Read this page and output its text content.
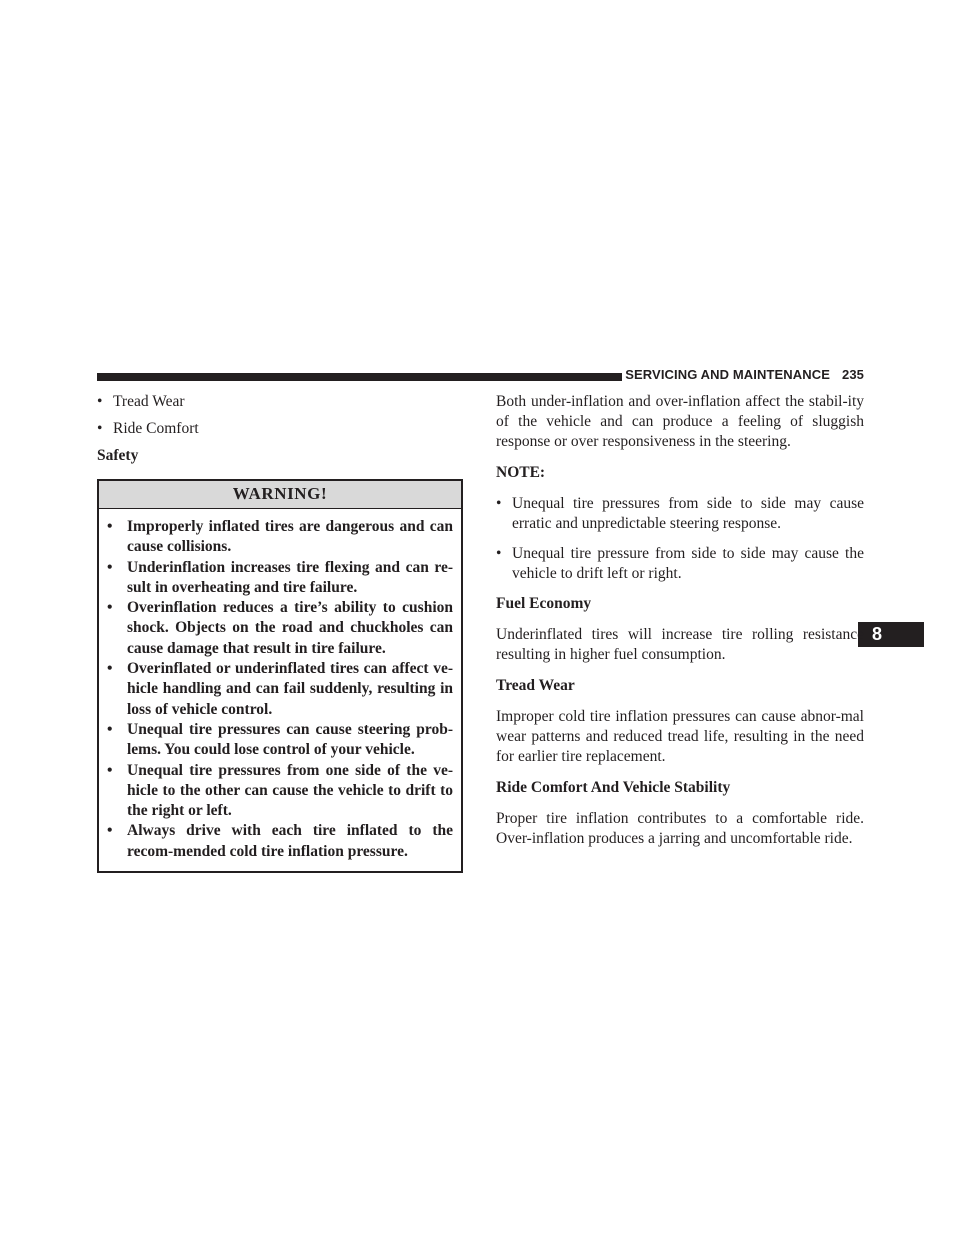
SERVICING AND MAINTENANCE 235
8
• Tread Wear
• Ride Comfort
Safety
WARNING!
• Improperly inflated tires are dangerous and can cause collisions.
• Underinflation increases tire flexing and can re-sult in overheating and tire failure.
• Overinflation reduces a tire’s ability to cushion shock. Objects on the road and chuckholes can cause damage that result in tire failure.
• Overinflated or underinflated tires can affect ve-hicle handling and can fail suddenly, resulting in loss of vehicle control.
• Unequal tire pressures can cause steering prob-lems. You could lose control of your vehicle.
• Unequal tire pressures from one side of the ve-hicle to the other can cause the vehicle to drift to the right or left.
• Always drive with each tire inflated to the recom-mended cold tire inflation pressure.

Both under-inflation and over-inflation affect the stabil-ity of the vehicle and can produce a feeling of sluggish response or over responsiveness in the steering.

NOTE:
• Unequal tire pressures from side to side may cause erratic and unpredictable steering response.
• Unequal tire pressure from side to side may cause the vehicle to drift left or right.
Fuel Economy

Underinflated tires will increase tire rolling resistance resulting in higher fuel consumption.

Tread Wear

Improper cold tire inflation pressures can cause abnor-mal wear patterns and reduced tread life, resulting in the need for earlier tire replacement.

Ride Comfort And Vehicle Stability

Proper tire inflation contributes to a comfortable ride. Over-inflation produces a jarring and uncomfortable ride.
